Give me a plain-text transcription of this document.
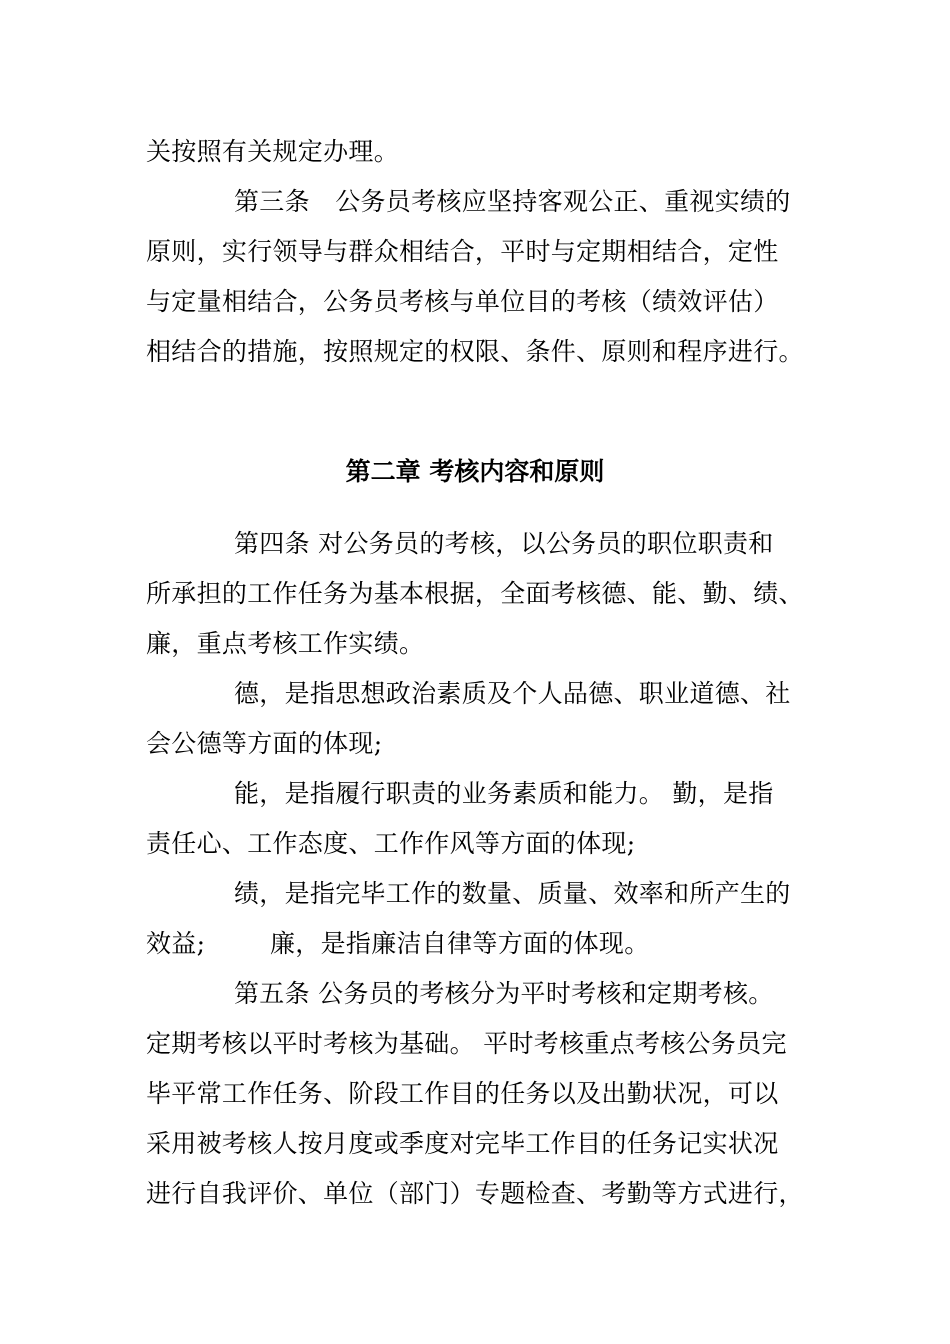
关按照有关规定办理。
第三条　公务员考核应坚持客观公正、重视实绩的
原则，实行领导与群众相结合，平时与定期相结合，定性
与定量相结合，公务员考核与单位目的考核（绩效评估）
相结合的措施，按照规定的权限、条件、原则和程序进行。
第二章 考核内容和原则
第四条 对公务员的考核，以公务员的职位职责和
所承担的工作任务为基本根据，全面考核德、能、勤、绩、
廉，重点考核工作实绩。
德，是指思想政治素质及个人品德、职业道德、社
会公德等方面的体现;
能，是指履行职责的业务素质和能力。 勤，是指
责任心、工作态度、工作作风等方面的体现;
绩，是指完毕工作的数量、质量、效率和所产生的
效益;	廉，是指廉洁自律等方面的体现。
第五条 公务员的考核分为平时考核和定期考核。
定期考核以平时考核为基础。 平时考核重点考核公务员完
毕平常工作任务、阶段工作目的任务以及出勤状况，可以
采用被考核人按月度或季度对完毕工作目的任务记实状况
进行自我评价、单位（部门）专题检查、考勤等方式进行，
